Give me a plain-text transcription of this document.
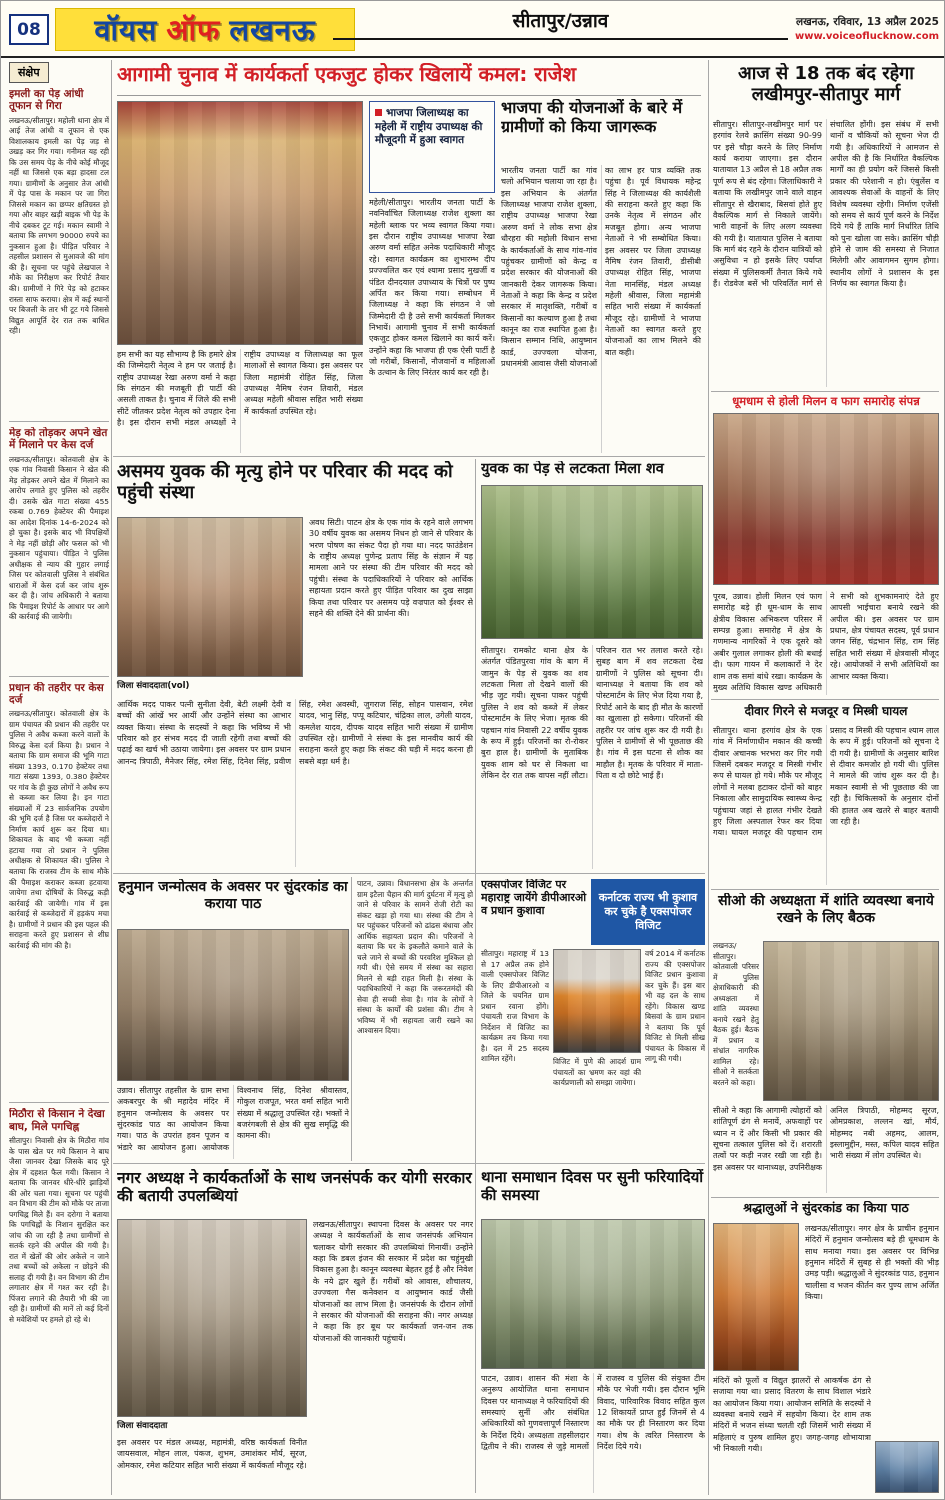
08 वॉयस ऑफ लखनऊ	सीतापुर/उन्नाव	लखनऊ, रविवार, 13 अप्रैल 2025
www.voiceoflucknow.com
संक्षेप
इमली का पेड़ आंधी तूफान से गिरा
लखनऊ/सीतापुर। महोली थाना क्षेत्र में आई तेज आंधी व तूफान से एक विशालकाय इमली का पेड़ जड़ से उखड़ कर गिर गया। गनीमत यह रही कि उस समय पेड़ के नीचे कोई मौजूद नहीं था जिससे एक बड़ा हादसा टल गया। ग्रामीणों के अनुसार तेज आंधी में पेड़ पास के मकान पर जा गिरा जिससे मकान का छप्पर क्षतिग्रस्त हो गया और बाहर खड़ी बाइक भी पेड़ के नीचे दबकर टूट गई। मकान स्वामी ने बताया कि लगभग 90000 रुपये का नुकसान हुआ है। पीड़ित परिवार ने तहसील प्रशासन से मुआवजे की मांग की है। सूचना पर पहुंचे लेखपाल ने मौके का निरीक्षण कर रिपोर्ट तैयार की। ग्रामीणों ने गिरे पेड़ को हटाकर रास्ता साफ कराया। क्षेत्र में कई स्थानों पर बिजली के तार भी टूट गये जिससे विद्युत आपूर्ति देर रात तक बाधित रही।
मेड़ को तोड़कर अपने खेत में मिलाने पर केस दर्ज
लखनऊ/सीतापुर। कोतवाली क्षेत्र के एक गांव निवासी किसान ने खेत की मेड़ तोड़कर अपने खेत में मिलाने का आरोप लगाते हुए पुलिस को तहरीर दी। उसके खेत गाटा संख्या 455 रकबा 0.769 हेक्टेयर की पैमाइश का आदेश दिनांक 14-6-2024 को हो चुका है। इसके बाद भी विपक्षियों ने मेड़ नहीं छोड़ी और फसल को भी नुकसान पहुंचाया। पीड़ित ने पुलिस अधीक्षक से न्याय की गुहार लगाई जिस पर कोतवाली पुलिस ने संबंधित धाराओं में केस दर्ज कर जांच शुरू कर दी है। जांच अधिकारी ने बताया कि पैमाइश रिपोर्ट के आधार पर आगे की कार्रवाई की जायेगी।
प्रधान की तहरीर पर केस दर्ज
लखनऊ/सीतापुर। कोतवाली क्षेत्र के ग्राम पंचायत की प्रधान की तहरीर पर पुलिस ने अवैध कब्जा करने वालों के विरुद्ध केस दर्ज किया है। प्रधान ने बताया कि ग्राम समाज की भूमि गाटा संख्या 1393, 0.170 हेक्टेयर तथा गाटा संख्या 1393, 0.380 हेक्टेयर पर गांव के ही कुछ लोगों ने अवैध रूप से कब्जा कर लिया है। इन गाटा संख्याओं में 23 सार्वजनिक उपयोग की भूमि दर्ज है जिस पर कब्जेदारों ने निर्माण कार्य शुरू कर दिया था। शिकायत के बाद भी कब्जा नहीं हटाया गया तो प्रधान ने पुलिस अधीक्षक से शिकायत की। पुलिस ने बताया कि राजस्व टीम के साथ मौके की पैमाइश कराकर कब्जा हटवाया जायेगा तथा दोषियों के विरुद्ध कड़ी कार्रवाई की जायेगी। गांव में इस कार्रवाई से कब्जेदारों में हड़कंप मचा है। ग्रामीणों ने प्रधान की इस पहल की सराहना करते हुए प्रशासन से शीघ्र कार्रवाई की मांग की है।
मिठौरा से किसान ने देखा बाघ, मिले पगचिह्न
सीतापुर। निवासी क्षेत्र के मिठौरा गांव के पास खेत पर गये किसान ने बाघ जैसा जानवर देखा जिसके बाद पूरे क्षेत्र में दहशत फैल गयी। किसान ने बताया कि जानवर धीरे-धीरे झाड़ियों की ओर चला गया। सूचना पर पहुंची वन विभाग की टीम को मौके पर ताजा पगचिह्न मिले हैं। वन दरोगा ने बताया कि पगचिह्नों के निशान सुरक्षित कर जांच की जा रही है तथा ग्रामीणों से सतर्क रहने की अपील की गयी है। रात में खेतों की ओर अकेले न जाने तथा बच्चों को अकेला न छोड़ने की सलाह दी गयी है। वन विभाग की टीम लगातार क्षेत्र में गश्त कर रही है। पिंजरा लगाने की तैयारी भी की जा रही है। ग्रामीणों की मानें तो कई दिनों से मवेशियों पर हमले हो रहे थे।
आगामी चुनाव में कार्यकर्ता एकजुट होकर खिलायें कमल: राजेश
भाजपा जिलाध्यक्ष का महेली में राष्ट्रीय उपाध्यक्ष की मौजूदगी में हुआ स्वागत
महेली/सीतापुर। भारतीय जनता पार्टी के नवनिर्वाचित जिलाध्यक्ष राजेश शुक्ला का महेली ब्लाक पर भव्य स्वागत किया गया। इस दौरान राष्ट्रीय उपाध्यक्ष भाजपा रेखा अरुण वर्मा सहित अनेक पदाधिकारी मौजूद रहे। स्वागत कार्यक्रम का शुभारम्भ दीप प्रज्ज्वलित कर एवं श्यामा प्रसाद मुखर्जी व पंडित दीनदयाल उपाध्याय के चित्रों पर पुष्प अर्पित कर किया गया। सम्बोधन में जिलाध्यक्ष ने कहा कि संगठन ने जो जिम्मेदारी दी है उसे सभी कार्यकर्ता मिलकर निभायें। आगामी चुनाव में सभी कार्यकर्ता एकजुट होकर कमल खिलाने का कार्य करें। उन्होंने कहा कि भाजपा ही एक ऐसी पार्टी है जो गरीबों, किसानों, नौजवानों व महिलाओं के उत्थान के लिए निरंतर कार्य कर रही है।
हम सभी का यह सौभाग्य है कि हमारे क्षेत्र की जिम्मेदारी नेतृत्व ने हम पर जताई है। राष्ट्रीय उपाध्यक्ष रेखा अरुण वर्मा ने कहा कि संगठन की मजबूती ही पार्टी की असली ताकत है। चुनाव में जिले की सभी सीटें जीतकर प्रदेश नेतृत्व को उपहार देना है। इस दौरान सभी मंडल अध्यक्षों ने राष्ट्रीय उपाध्यक्ष व जिलाध्यक्ष का फूल मालाओं से स्वागत किया। इस अवसर पर जिला महामंत्री रोहित सिंह, जिला उपाध्यक्ष नैमिष रंजन तिवारी, मंडल अध्यक्ष महेली श्रीवास सहित भारी संख्या में कार्यकर्ता उपस्थित रहे।
भाजपा की योजनाओं के बारे में ग्रामीणों को किया जागरूक
भारतीय जनता पार्टी का गांव चलो अभियान चलाया जा रहा है। इस अभियान के अंतर्गत जिलाध्यक्ष भाजपा राजेश शुक्ला, राष्ट्रीय उपाध्यक्ष भाजपा रेखा अरुण वर्मा ने लोक सभा क्षेत्र धौरहरा की महोली विधान सभा के कार्यकर्ताओं के साथ गांव-गांव पहुंचकर ग्रामीणों को केन्द्र व प्रदेश सरकार की योजनाओं की जानकारी देकर जागरूक किया। नेताओं ने कहा कि केन्द्र व प्रदेश सरकार में मातृशक्ति, गरीबों व किसानों का कल्याण हुआ है तथा कानून का राज स्थापित हुआ है। किसान सम्मान निधि, आयुष्मान कार्ड, उज्ज्वला योजना, प्रधानमंत्री आवास जैसी योजनाओं का लाभ हर पात्र व्यक्ति तक पहुंचा है। पूर्व विधायक महेन्द्र सिंह ने जिलाध्यक्ष की कार्यशैली की सराहना करते हुए कहा कि उनके नेतृत्व में संगठन और मजबूत होगा। अन्य भाजपा नेताओं ने भी सम्बोधित किया। इस अवसर पर जिला उपाध्यक्ष नैमिष रंजन तिवारी, डीसीबी उपाध्यक्ष रोहित सिंह, भाजपा नेता मानसिंह, मंडल अध्यक्ष महेली श्रीवास, जिला महामंत्री सहित भारी संख्या में कार्यकर्ता मौजूद रहे। ग्रामीणों ने भाजपा नेताओं का स्वागत करते हुए योजनाओं का लाभ मिलने की बात कही।
आज से 18 तक बंद रहेगा लखीमपुर-सीतापुर मार्ग
सीतापुर। सीतापुर-लखीमपुर मार्ग पर हरगांव रेलवे क्रासिंग संख्या 90-99 पर इसे चौड़ा करने के लिए निर्माण कार्य कराया जाएगा। इस दौरान यातायात 13 अप्रैल से 18 अप्रैल तक पूर्ण रूप से बंद रहेगा। जिलाधिकारी ने बताया कि लखीमपुर जाने वाले वाहन सीतापुर से खैराबाद, बिसवां होते हुए वैकल्पिक मार्ग से निकाले जायेंगे। भारी वाहनों के लिए अलग व्यवस्था की गयी है। यातायात पुलिस ने बताया कि मार्ग बंद रहने के दौरान यात्रियों को असुविधा न हो इसके लिए पर्याप्त संख्या में पुलिसकर्मी तैनात किये गये हैं। रोडवेज बसें भी परिवर्तित मार्ग से संचालित होंगी। इस संबंध में सभी थानों व चौकियों को सूचना भेज दी गयी है। अधिकारियों ने आमजन से अपील की है कि निर्धारित वैकल्पिक मार्गों का ही प्रयोग करें जिससे किसी प्रकार की परेशानी न हो। एंबुलेंस व आवश्यक सेवाओं के वाहनों के लिए विशेष व्यवस्था रहेगी। निर्माण एजेंसी को समय से कार्य पूर्ण करने के निर्देश दिये गये हैं ताकि मार्ग निर्धारित तिथि को पुनः खोला जा सके। क्रासिंग चौड़ी होने से जाम की समस्या से निजात मिलेगी और आवागमन सुगम होगा। स्थानीय लोगों ने प्रशासन के इस निर्णय का स्वागत किया है।
धूमधाम से होली मिलन व फाग समारोह संपन्न
पूरब, उन्नाव। होली मिलन एवं फाग समारोह बड़े ही धूम-धाम के साथ क्षेत्रीय विकास अभिकरण परिसर में सम्पन्न हुआ। समारोह में क्षेत्र के गणमान्य नागरिकों ने एक दूसरे को अबीर गुलाल लगाकर होली की बधाई दी। फाग गायन में कलाकारों ने देर शाम तक समां बांधे रखा। कार्यक्रम के मुख्य अतिथि विकास खण्ड अधिकारी ने सभी को शुभकामनाएं देते हुए आपसी भाईचारा बनाये रखने की अपील की। इस अवसर पर ग्राम प्रधान, क्षेत्र पंचायत सदस्य, पूर्व प्रधान जगन सिंह, चंद्रभान सिंह, राम सिंह सहित भारी संख्या में क्षेत्रवासी मौजूद रहे। आयोजकों ने सभी अतिथियों का आभार व्यक्त किया।
दीवार गिरने से मजदूर व मिस्त्री घायल
सीतापुर। थाना हरगांव क्षेत्र के एक गांव में निर्माणाधीन मकान की कच्ची दीवार अचानक भरभरा कर गिर गयी जिसमें दबकर मजदूर व मिस्त्री गंभीर रूप से घायल हो गये। मौके पर मौजूद लोगों ने मलबा हटाकर दोनों को बाहर निकाला और सामुदायिक स्वास्थ्य केन्द्र पहुंचाया जहां से हालत गंभीर देखते हुए जिला अस्पताल रेफर कर दिया गया। घायल मजदूर की पहचान राम प्रसाद व मिस्त्री की पहचान श्याम लाल के रूप में हुई। परिजनों को सूचना दे दी गयी है। ग्रामीणों के अनुसार बारिश से दीवार कमजोर हो गयी थी। पुलिस ने मामले की जांच शुरू कर दी है। मकान स्वामी से भी पूछताछ की जा रही है। चिकित्सकों के अनुसार दोनों की हालत अब खतरे से बाहर बतायी जा रही है।
सीओ की अध्यक्षता में शांति व्यवस्था बनाये रखने के लिए बैठक
लखनऊ/सीतापुर। कोतवाली परिसर में पुलिस क्षेत्राधिकारी की अध्यक्षता में शांति व्यवस्था बनाये रखने हेतु बैठक हुई। बैठक में प्रधान व संभ्रांत नागरिक शामिल रहे। सीओ ने सतर्कता बरतने को कहा।
सीओ ने कहा कि आगामी त्योहारों को शांतिपूर्ण ढंग से मनायें, अफवाहों पर ध्यान न दें और किसी भी प्रकार की सूचना तत्काल पुलिस को दें। शरारती तत्वों पर कड़ी नजर रखी जा रही है। इस अवसर पर थानाध्यक्ष, उपनिरीक्षक अनिल त्रिपाठी, मोहम्मद सूरज, ओमप्रकाश, लल्लन खां, मौर्य, मोहम्मद नबी अहमद, आलम, इस्लामुद्दीन, मस्त, कपिल यादव सहित भारी संख्या में लोग उपस्थित थे।
श्रद्धालुओं ने सुंदरकांड का किया पाठ
लखनऊ/सीतापुर। नगर क्षेत्र के प्राचीन हनुमान मंदिरों में हनुमान जन्मोत्सव बड़े ही धूमधाम के साथ मनाया गया। इस अवसर पर विभिन्न हनुमान मंदिरों में सुबह से ही भक्तों की भीड़ उमड़ पड़ी। श्रद्धालुओं ने सुंदरकांड पाठ, हनुमान चालीसा व भजन कीर्तन कर पुण्य लाभ अर्जित किया।
मंदिरों को फूलों व विद्युत झालरों से आकर्षक ढंग से सजाया गया था। प्रसाद वितरण के साथ विशाल भंडारे का आयोजन किया गया। आयोजन समिति के सदस्यों ने व्यवस्था बनाये रखने में सहयोग किया। देर शाम तक मंदिरों में भजन संध्या चलती रही जिसमें भारी संख्या में महिलाएं व पुरुष शामिल हुए। जगह-जगह शोभायात्रा भी निकाली गयी।
असमय युवक की मृत्यु होने पर परिवार की मदद को पहुंची संस्था
जिला संवाददाता(vol)
अवध सिटी। पाटन क्षेत्र के एक गांव के रहने वाले लगभग 30 वर्षीय युवक का असमय निधन हो जाने से परिवार के भरण पोषण का संकट पैदा हो गया था। नदद फाउंडेशन के राष्ट्रीय अध्यक्ष पुणेन्द्र प्रताप सिंह के संज्ञान में यह मामला आने पर संस्था की टीम परिवार की मदद को पहुंची। संस्था के पदाधिकारियों ने परिवार को आर्थिक सहायता प्रदान करते हुए पीड़ित परिवार का दुख साझा किया तथा परिवार पर असमय पड़े वज्रपात को ईश्वर से सहने की शक्ति देने की प्रार्थना की।
आर्थिक मदद पाकर पत्नी सुनीता देवी, बेटी लक्ष्मी देवी व बच्चों की आंखें भर आयीं और उन्होंने संस्था का आभार व्यक्त किया। संस्था के सदस्यों ने कहा कि भविष्य में भी परिवार को हर संभव मदद दी जाती रहेगी तथा बच्चों की पढ़ाई का खर्च भी उठाया जायेगा। इस अवसर पर ग्राम प्रधान आनन्द त्रिपाठी, मैनेजर सिंह, रमेश सिंह, दिनेश सिंह, प्रवीण सिंह, रमेश अवस्थी, जुगराज सिंह, सोहन पासवान, रमेश यादव, भानु सिंह, पप्पू कटियार, चंद्रिका लाल, उगेली यादव, कमलेश यादव, दीपक यादव सहित भारी संख्या में ग्रामीण उपस्थित रहे। ग्रामीणों ने संस्था के इस मानवीय कार्य की सराहना करते हुए कहा कि संकट की घड़ी में मदद करना ही सबसे बड़ा धर्म है।
युवक का पेड़ से लटकता मिला शव
सीतापुर। रामकोट थाना क्षेत्र के अंतर्गत पंडितपुरवा गांव के बाग में जामुन के पेड़ से युवक का शव लटकता मिला तो देखने वालों की भीड़ जुट गयी। सूचना पाकर पहुंची पुलिस ने शव को कब्जे में लेकर पोस्टमार्टम के लिए भेजा। मृतक की पहचान गांव निवासी 22 वर्षीय युवक के रूप में हुई। परिजनों का रो-रोकर बुरा हाल है। ग्रामीणों के मुताबिक युवक शाम को घर से निकला था लेकिन देर रात तक वापस नहीं लौटा। परिजन रात भर तलाश करते रहे। सुबह बाग में शव लटकता देख ग्रामीणों ने पुलिस को सूचना दी। थानाध्यक्ष ने बताया कि शव को पोस्टमार्टम के लिए भेज दिया गया है, रिपोर्ट आने के बाद ही मौत के कारणों का खुलासा हो सकेगा। परिजनों की तहरीर पर जांच शुरू कर दी गयी है। पुलिस ने ग्रामीणों से भी पूछताछ की है। गांव में इस घटना से शोक का माहौल है। मृतक के परिवार में माता-पिता व दो छोटे भाई हैं।
हनुमान जन्मोत्सव के अवसर पर सुंदरकांड का कराया पाठ
उन्नाव। सीतापुर तहसील के ग्राम सभा अकबरपुर के श्री महादेव मंदिर में हनुमान जन्मोत्सव के अवसर पर सुंदरकांड पाठ का आयोजन किया गया। पाठ के उपरांत हवन पूजन व भंडारे का आयोजन हुआ। आयोजक विश्वनाथ सिंह, दिनेश श्रीवास्तव, गोकुल राजपूत, भरत वर्मा सहित भारी संख्या में श्रद्धालु उपस्थित रहे। भक्तों ने बजरंगबली से क्षेत्र की सुख समृद्धि की कामना की।
पाटन, उन्नाव। विधानसभा क्षेत्र के अन्तर्गत ग्राम इटैला चैहान की मार्ग दुर्घटना में मृत्यु हो जाने से परिवार के सामने रोजी रोटी का संकट खड़ा हो गया था। संस्था की टीम ने घर पहुंचकर परिजनों को ढांढस बंधाया और आर्थिक सहायता प्रदान की। परिजनों ने बताया कि घर के इकलौते कमाने वाले के चले जाने से बच्चों की परवरिश मुश्किल हो गयी थी। ऐसे समय में संस्था का सहारा मिलने से बड़ी राहत मिली है। संस्था के पदाधिकारियों ने कहा कि जरूरतमंदों की सेवा ही सच्ची सेवा है। गांव के लोगों ने संस्था के कार्यों की प्रशंसा की। टीम ने भविष्य में भी सहायता जारी रखने का आश्वासन दिया।
एक्सपोजर विजिट पर महाराष्ट्र जायेंगे डीपीआरओ व प्रधान कुशावा
कर्नाटक राज्य भी कुशाव कर चुके है एक्सपोजर विजिट
सीतापुर। महाराष्ट्र में 13 से 17 अप्रैल तक होने वाली एक्सपोजर विजिट के लिए डीपीआरओ व जिले के चयनित ग्राम प्रधान रवाना होंगे। पंचायती राज विभाग के निर्देशन में विजिट का कार्यक्रम तय किया गया है। दल में 25 सदस्य शामिल रहेंगे।	विजिट में पुणे की आदर्श ग्राम पंचायतों का भ्रमण कर वहां की कार्यप्रणाली को समझा जायेगा।
वर्ष 2014 में कर्नाटक राज्य की एक्सपोजर विजिट प्रधान कुशावा कर चुके हैं। इस बार भी वह दल के साथ रहेंगे। विकास खण्ड बिसवां के ग्राम प्रधान ने बताया कि पूर्व विजिट से मिली सीख पंचायत के विकास में लागू की गयी।
नगर अध्यक्ष ने कार्यकर्ताओं के साथ जनसंपर्क कर योगी सरकार की बतायी उपलब्धियां
जिला संवाददाता
लखनऊ/सीतापुर। स्थापना दिवस के अवसर पर नगर अध्यक्ष ने कार्यकर्ताओं के साथ जनसंपर्क अभियान चलाकर योगी सरकार की उपलब्धियां गिनायीं। उन्होंने कहा कि डबल इंजन की सरकार में प्रदेश का चहुंमुखी विकास हुआ है। कानून व्यवस्था बेहतर हुई है और निवेश के नये द्वार खुले हैं। गरीबों को आवास, शौचालय, उज्ज्वला गैस कनेक्शन व आयुष्मान कार्ड जैसी योजनाओं का लाभ मिला है। जनसंपर्क के दौरान लोगों ने सरकार की योजनाओं की सराहना की। नगर अध्यक्ष ने कहा कि हर बूथ पर कार्यकर्ता जन-जन तक योजनाओं की जानकारी पहुंचायें।
इस अवसर पर मंडल अध्यक्ष, महामंत्री, वरिष्ठ कार्यकर्ता विनीत जायसवाल, मोहन लाल, पंकज, शुभम, उमाशंकर मौर्य, सूरज, ओमकार, रमेश कटियार सहित भारी संख्या में कार्यकर्ता मौजूद रहे।
थाना समाधान दिवस पर सुनी फरियादियों की समस्या
पाटन, उन्नाव। शासन की मंशा के अनुरूप आयोजित थाना समाधान दिवस पर थानाध्यक्ष ने फरियादियों की समस्याएं सुनीं और संबंधित अधिकारियों को गुणवत्तापूर्ण निस्तारण के निर्देश दिये। अध्यक्षता तहसीलदार द्वितीय ने की। राजस्व से जुड़े मामलों में राजस्व व पुलिस की संयुक्त टीम मौके पर भेजी गयी। इस दौरान भूमि विवाद, पारिवारिक विवाद सहित कुल 12 शिकायतें प्राप्त हुईं जिनमें से 4 का मौके पर ही निस्तारण कर दिया गया। शेष के त्वरित निस्तारण के निर्देश दिये गये।
